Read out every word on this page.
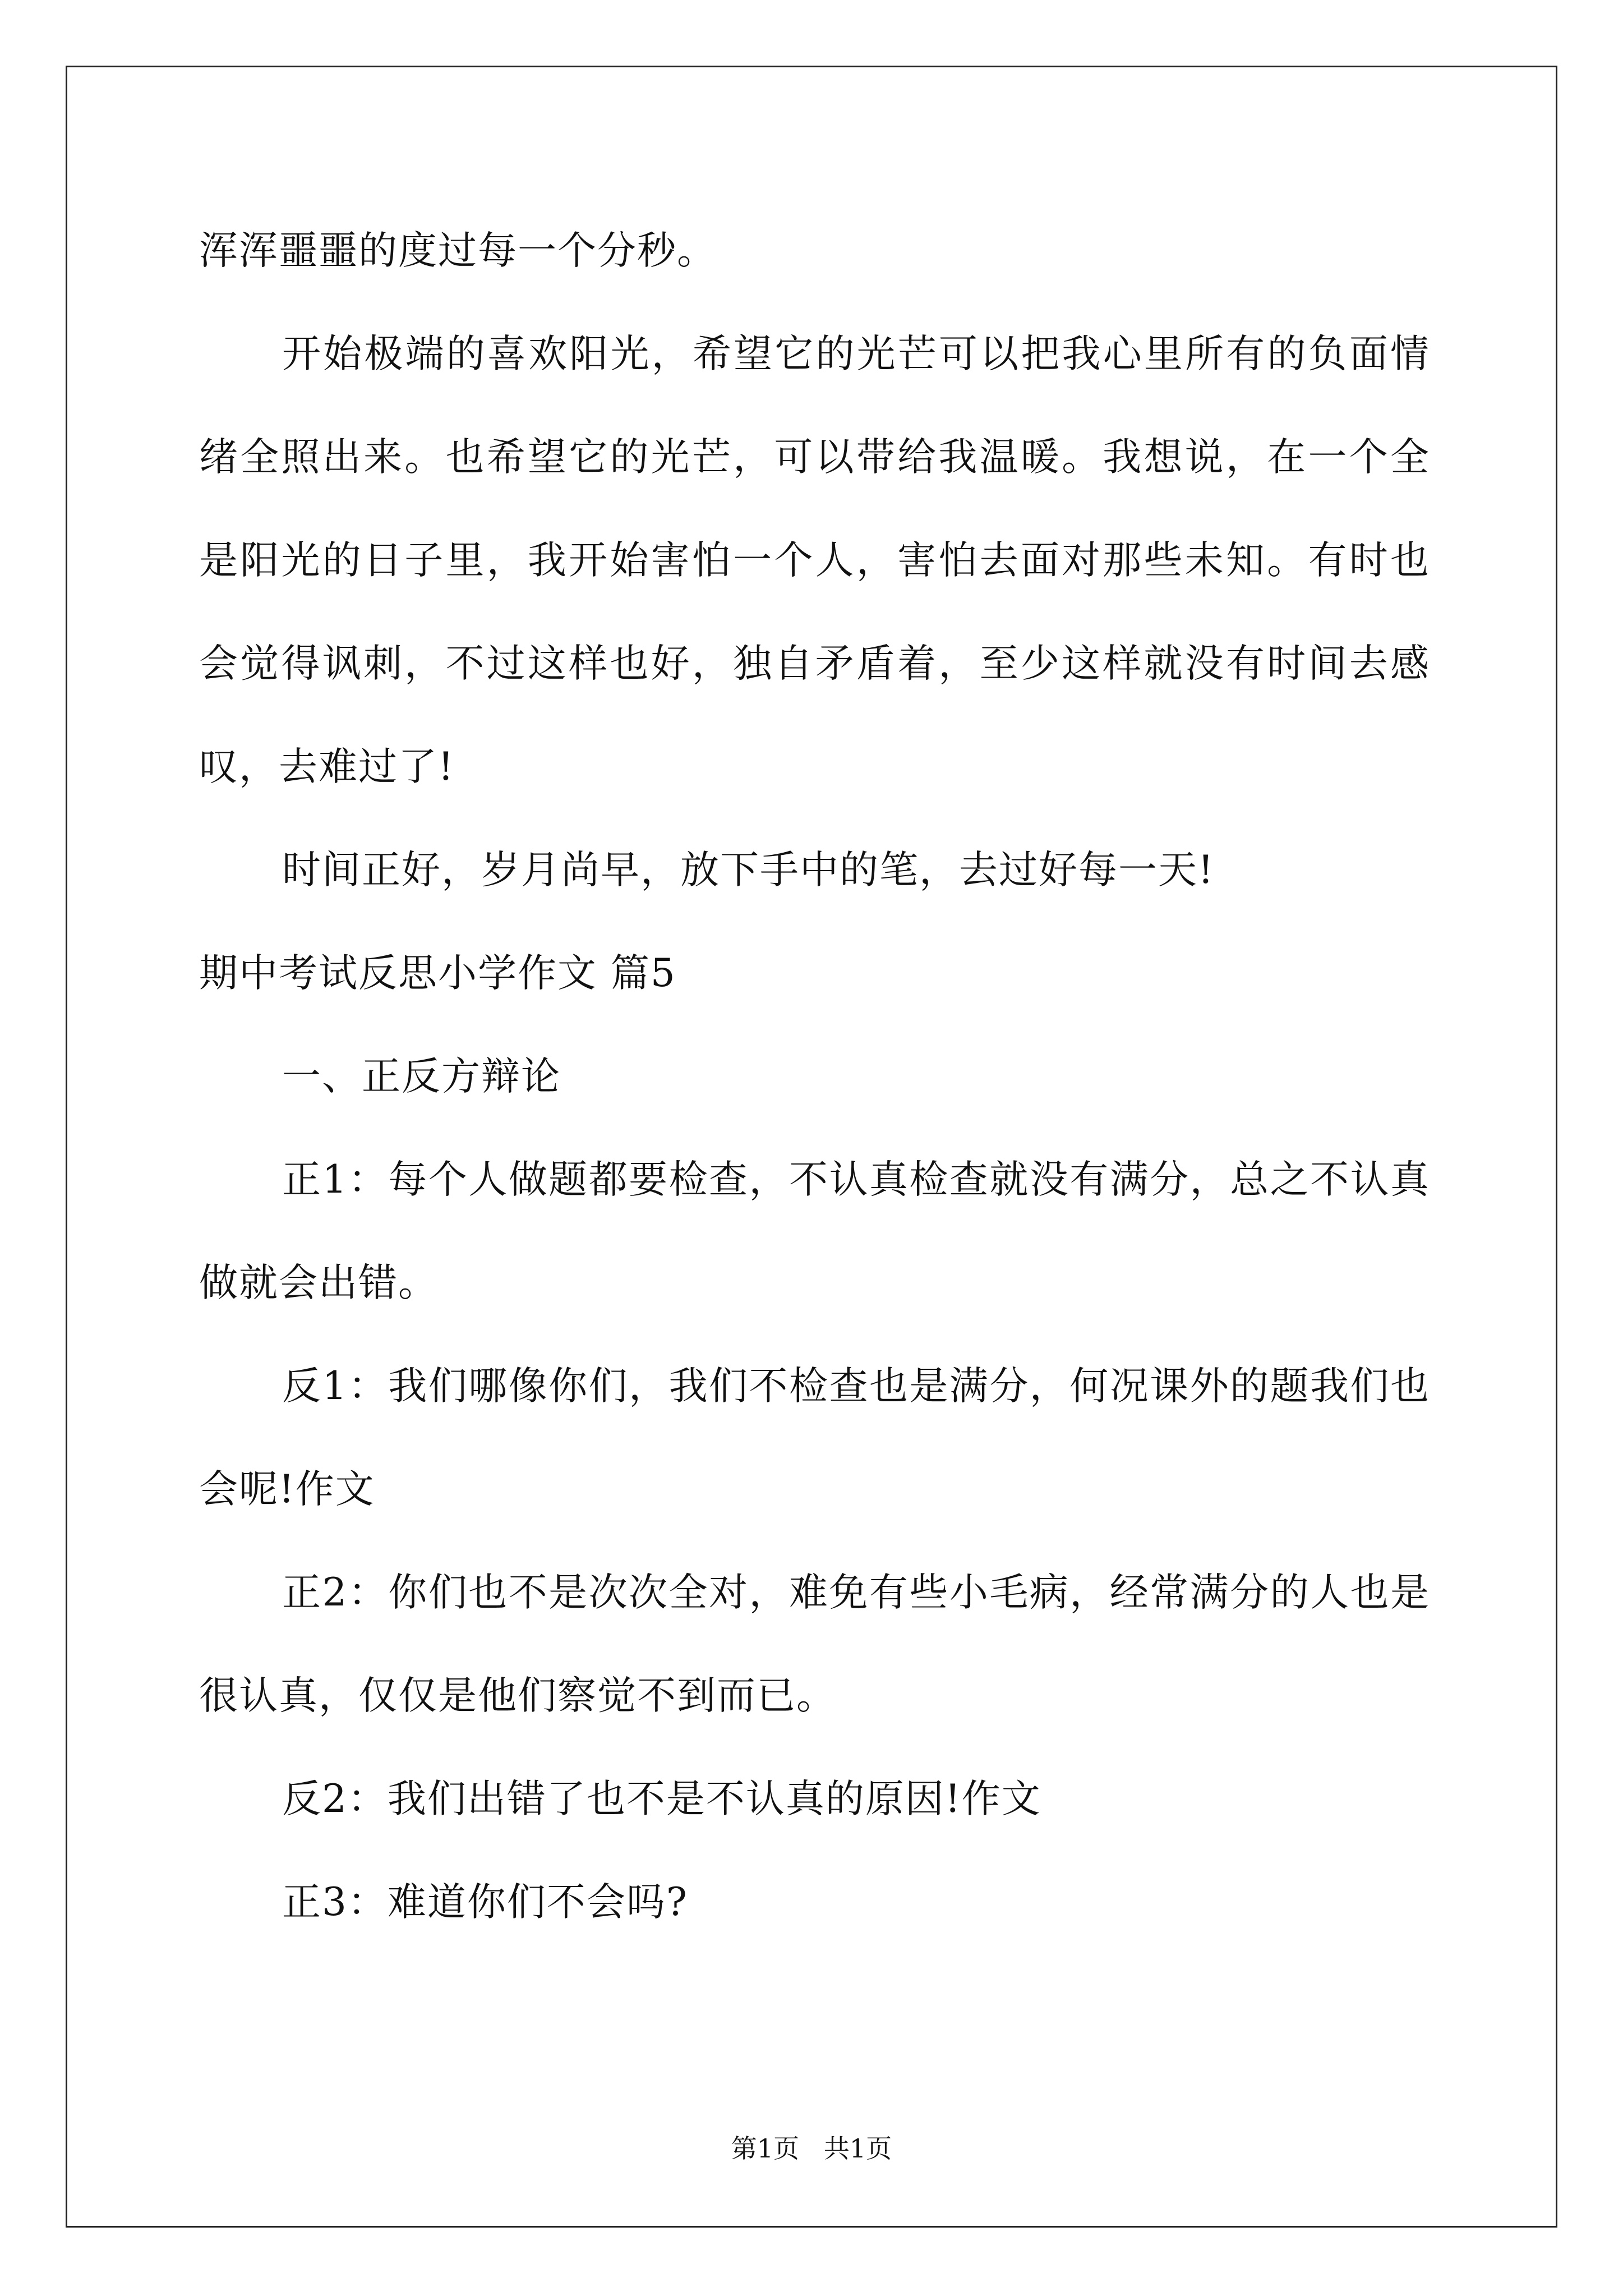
浑浑噩噩的度过每一个分秒。

开始极端的喜欢阳光，希望它的光芒可以把我心里所有的负面情绪全照出来。也希望它的光芒，可以带给我温暖。我想说，在一个全是阳光的日子里，我开始害怕一个人，害怕去面对那些未知。有时也会觉得讽刺，不过这样也好，独自矛盾着，至少这样就没有时间去感叹，去难过了!

时间正好，岁月尚早，放下手中的笔，去过好每一天!

期中考试反思小学作文 篇5

一、正反方辩论

正1：每个人做题都要检查，不认真检查就没有满分，总之不认真做就会出错。

反1：我们哪像你们，我们不检查也是满分，何况课外的题我们也会呢!作文

正2：你们也不是次次全对，难免有些小毛病，经常满分的人也是很认真，仅仅是他们察觉不到而已。

反2：我们出错了也不是不认真的原因!作文

正3：难道你们不会吗?

第1页   共1页
